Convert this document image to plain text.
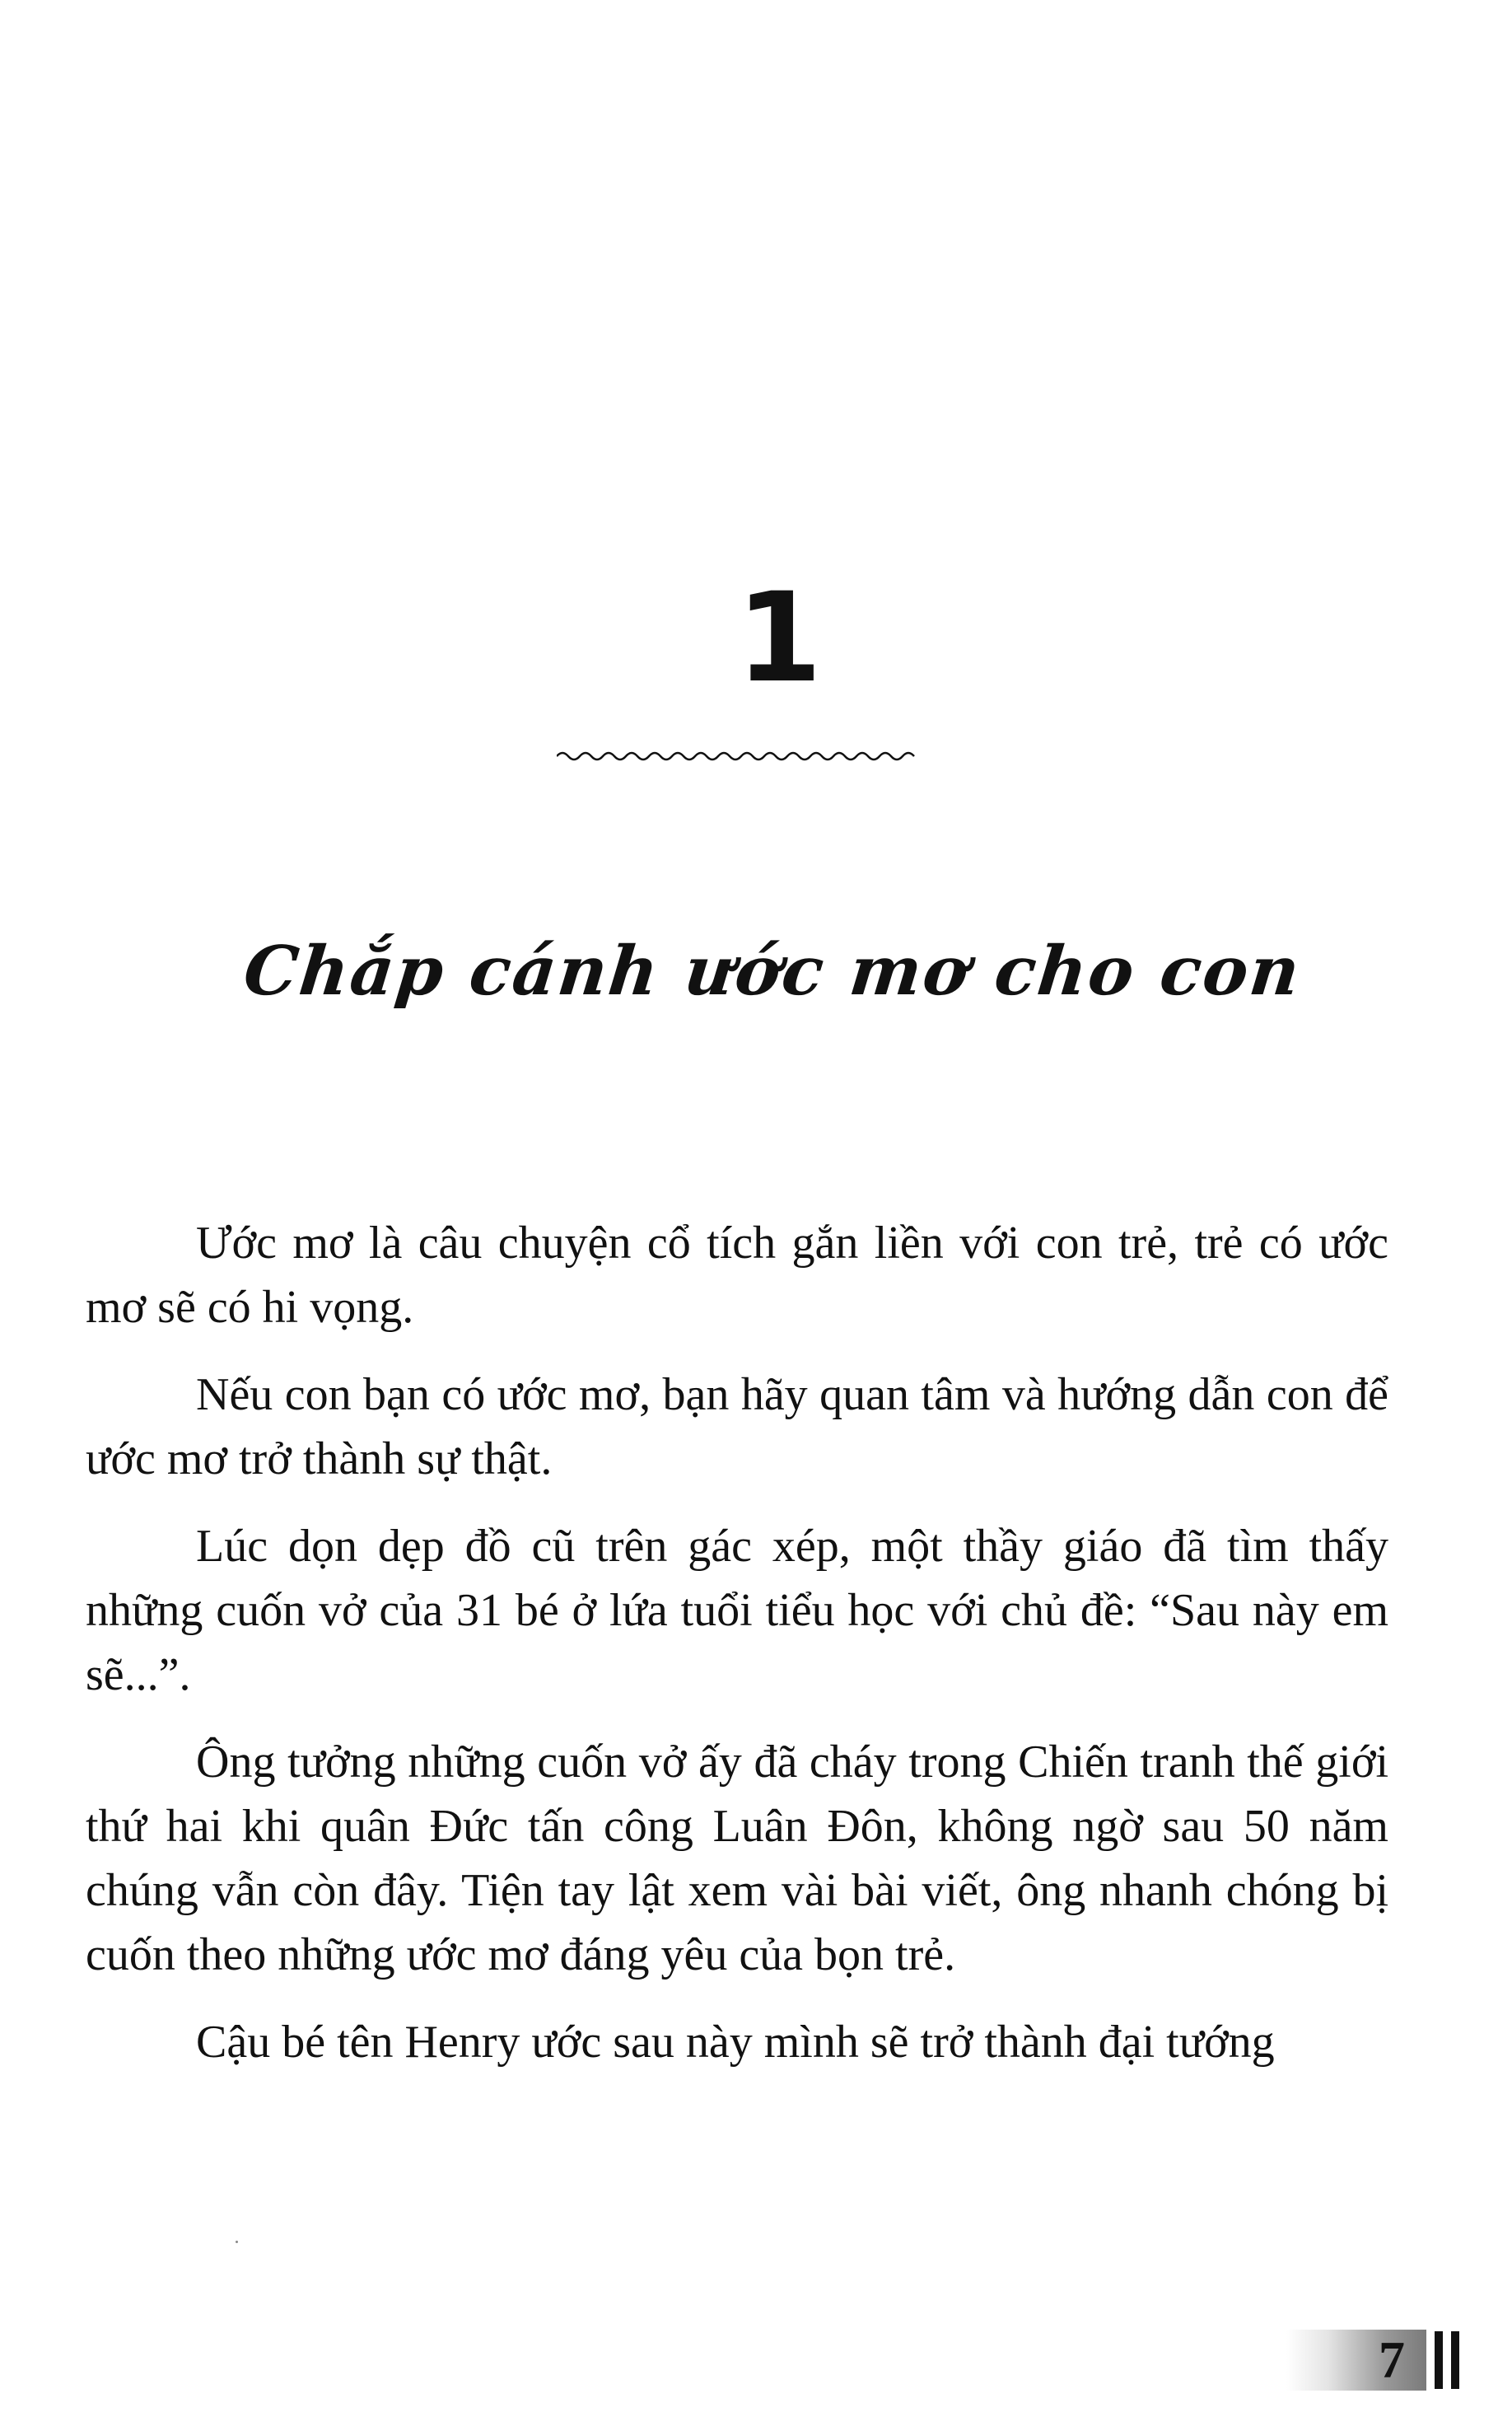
1
Chắp cánh ước mơ cho con

Ước mơ là câu chuyện cổ tích gắn liền với con trẻ, trẻ có ước mơ sẽ có hi vọng.

Nếu con bạn có ước mơ, bạn hãy quan tâm và hướng dẫn con để ước mơ trở thành sự thật.

Lúc dọn dẹp đồ cũ trên gác xép, một thầy giáo đã tìm thấy những cuốn vở của 31 bé ở lứa tuổi tiểu học với chủ đề: “Sau này em sẽ...”.

Ông tưởng những cuốn vở ấy đã cháy trong Chiến tranh thế giới thứ hai khi quân Đức tấn công Luân Đôn, không ngờ sau 50 năm chúng vẫn còn đây. Tiện tay lật xem vài bài viết, ông nhanh chóng bị cuốn theo những ước mơ đáng yêu của bọn trẻ.

Cậu bé tên Henry ước sau này mình sẽ trở thành đại tướng

7
